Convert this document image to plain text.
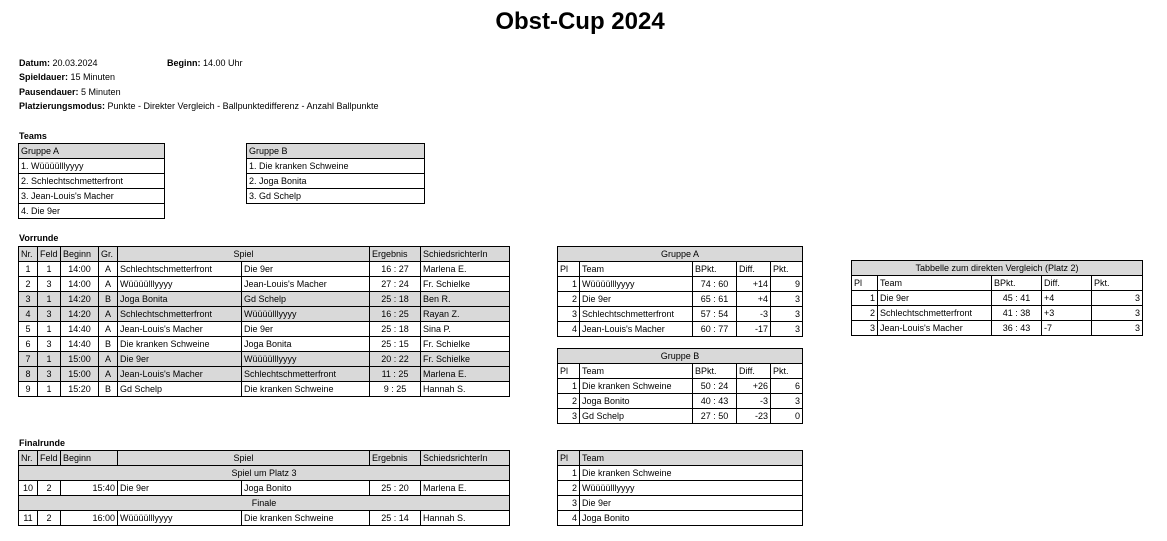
Obst-Cup 2024
Datum: 20.03.2024	Beginn: 14.00 Uhr
Spieldauer: 15 Minuten
Pausendauer: 5 Minuten
Platzierungsmodus: Punkte - Direkter Vergleich - Ballpunktedifferenz - Anzahl Ballpunkte
Teams
Gruppe A
1. Wüüüülllyyyy
2. Schlechtschmetterfront
3. Jean-Louis's Macher
4. Die 9er
Gruppe B
1. Die kranken Schweine
2. Joga Bonita
3. Gd Schelp
Vorrunde
Nr.	Feld	Beginn	Gr.	Spiel		Ergebnis	SchiedsrichterIn
1	1	14:00	A	Schlechtschmetterfront	Die 9er	16 : 27	Marlena E.
2	3	14:00	A	Wüüüülllyyyy	Jean-Louis's Macher	27 : 24	Fr. Schielke
3	1	14:20	B	Joga Bonita	Gd Schelp	25 : 18	Ben R.
4	3	14:20	A	Schlechtschmetterfront	Wüüüülllyyyy	16 : 25	Rayan Z.
5	1	14:40	A	Jean-Louis's Macher	Die 9er	25 : 18	Sina P.
6	3	14:40	B	Die kranken Schweine	Joga Bonita	25 : 15	Fr. Schielke
7	1	15:00	A	Die 9er	Wüüüülllyyyy	20 : 22	Fr. Schielke
8	3	15:00	A	Jean-Louis's Macher	Schlechtschmetterfront	11 : 25	Marlena E.
9	1	15:20	B	Gd Schelp	Die kranken Schweine	9 : 25	Hannah S.
Gruppe A				
Pl	Team	BPkt.	Diff.	Pkt.
1	Wüüüülllyyyy	74 : 60	+14	9
2	Die 9er	65 : 61	+4	3
3	Schlechtschmetterfront	57 : 54	-3	3
4	Jean-Louis's Macher	60 : 77	-17	3
Gruppe B				
Pl	Team	BPkt.	Diff.	Pkt.
1	Die kranken Schweine	50 : 24	+26	6
2	Joga Bonito	40 : 43	-3	3
3	Gd Schelp	27 : 50	-23	0
Tabbelle zum direkten Vergleich (Platz 2)				
Pl	Team	BPkt.	Diff.	Pkt.
1	Die 9er	45 : 41	+4	3
2	Schlechtschmetterfront	41 : 38	+3	3
3	Jean-Louis's Macher	36 : 43	-7	3
Finalrunde
Nr.	Feld	Beginn	Spiel		Ergebnis	SchiedsrichterIn
Spiel um Platz 3						
10	2	15:40	Die 9er	Joga Bonito	25 : 20	Marlena E.
Finale						
11	2	16:00	Wüüüülllyyyy	Die kranken Schweine	25 : 14	Hannah S.
Pl	Team
1	Die kranken Schweine
2	Wüüüülllyyyy
3	Die 9er
4	Joga Bonito
